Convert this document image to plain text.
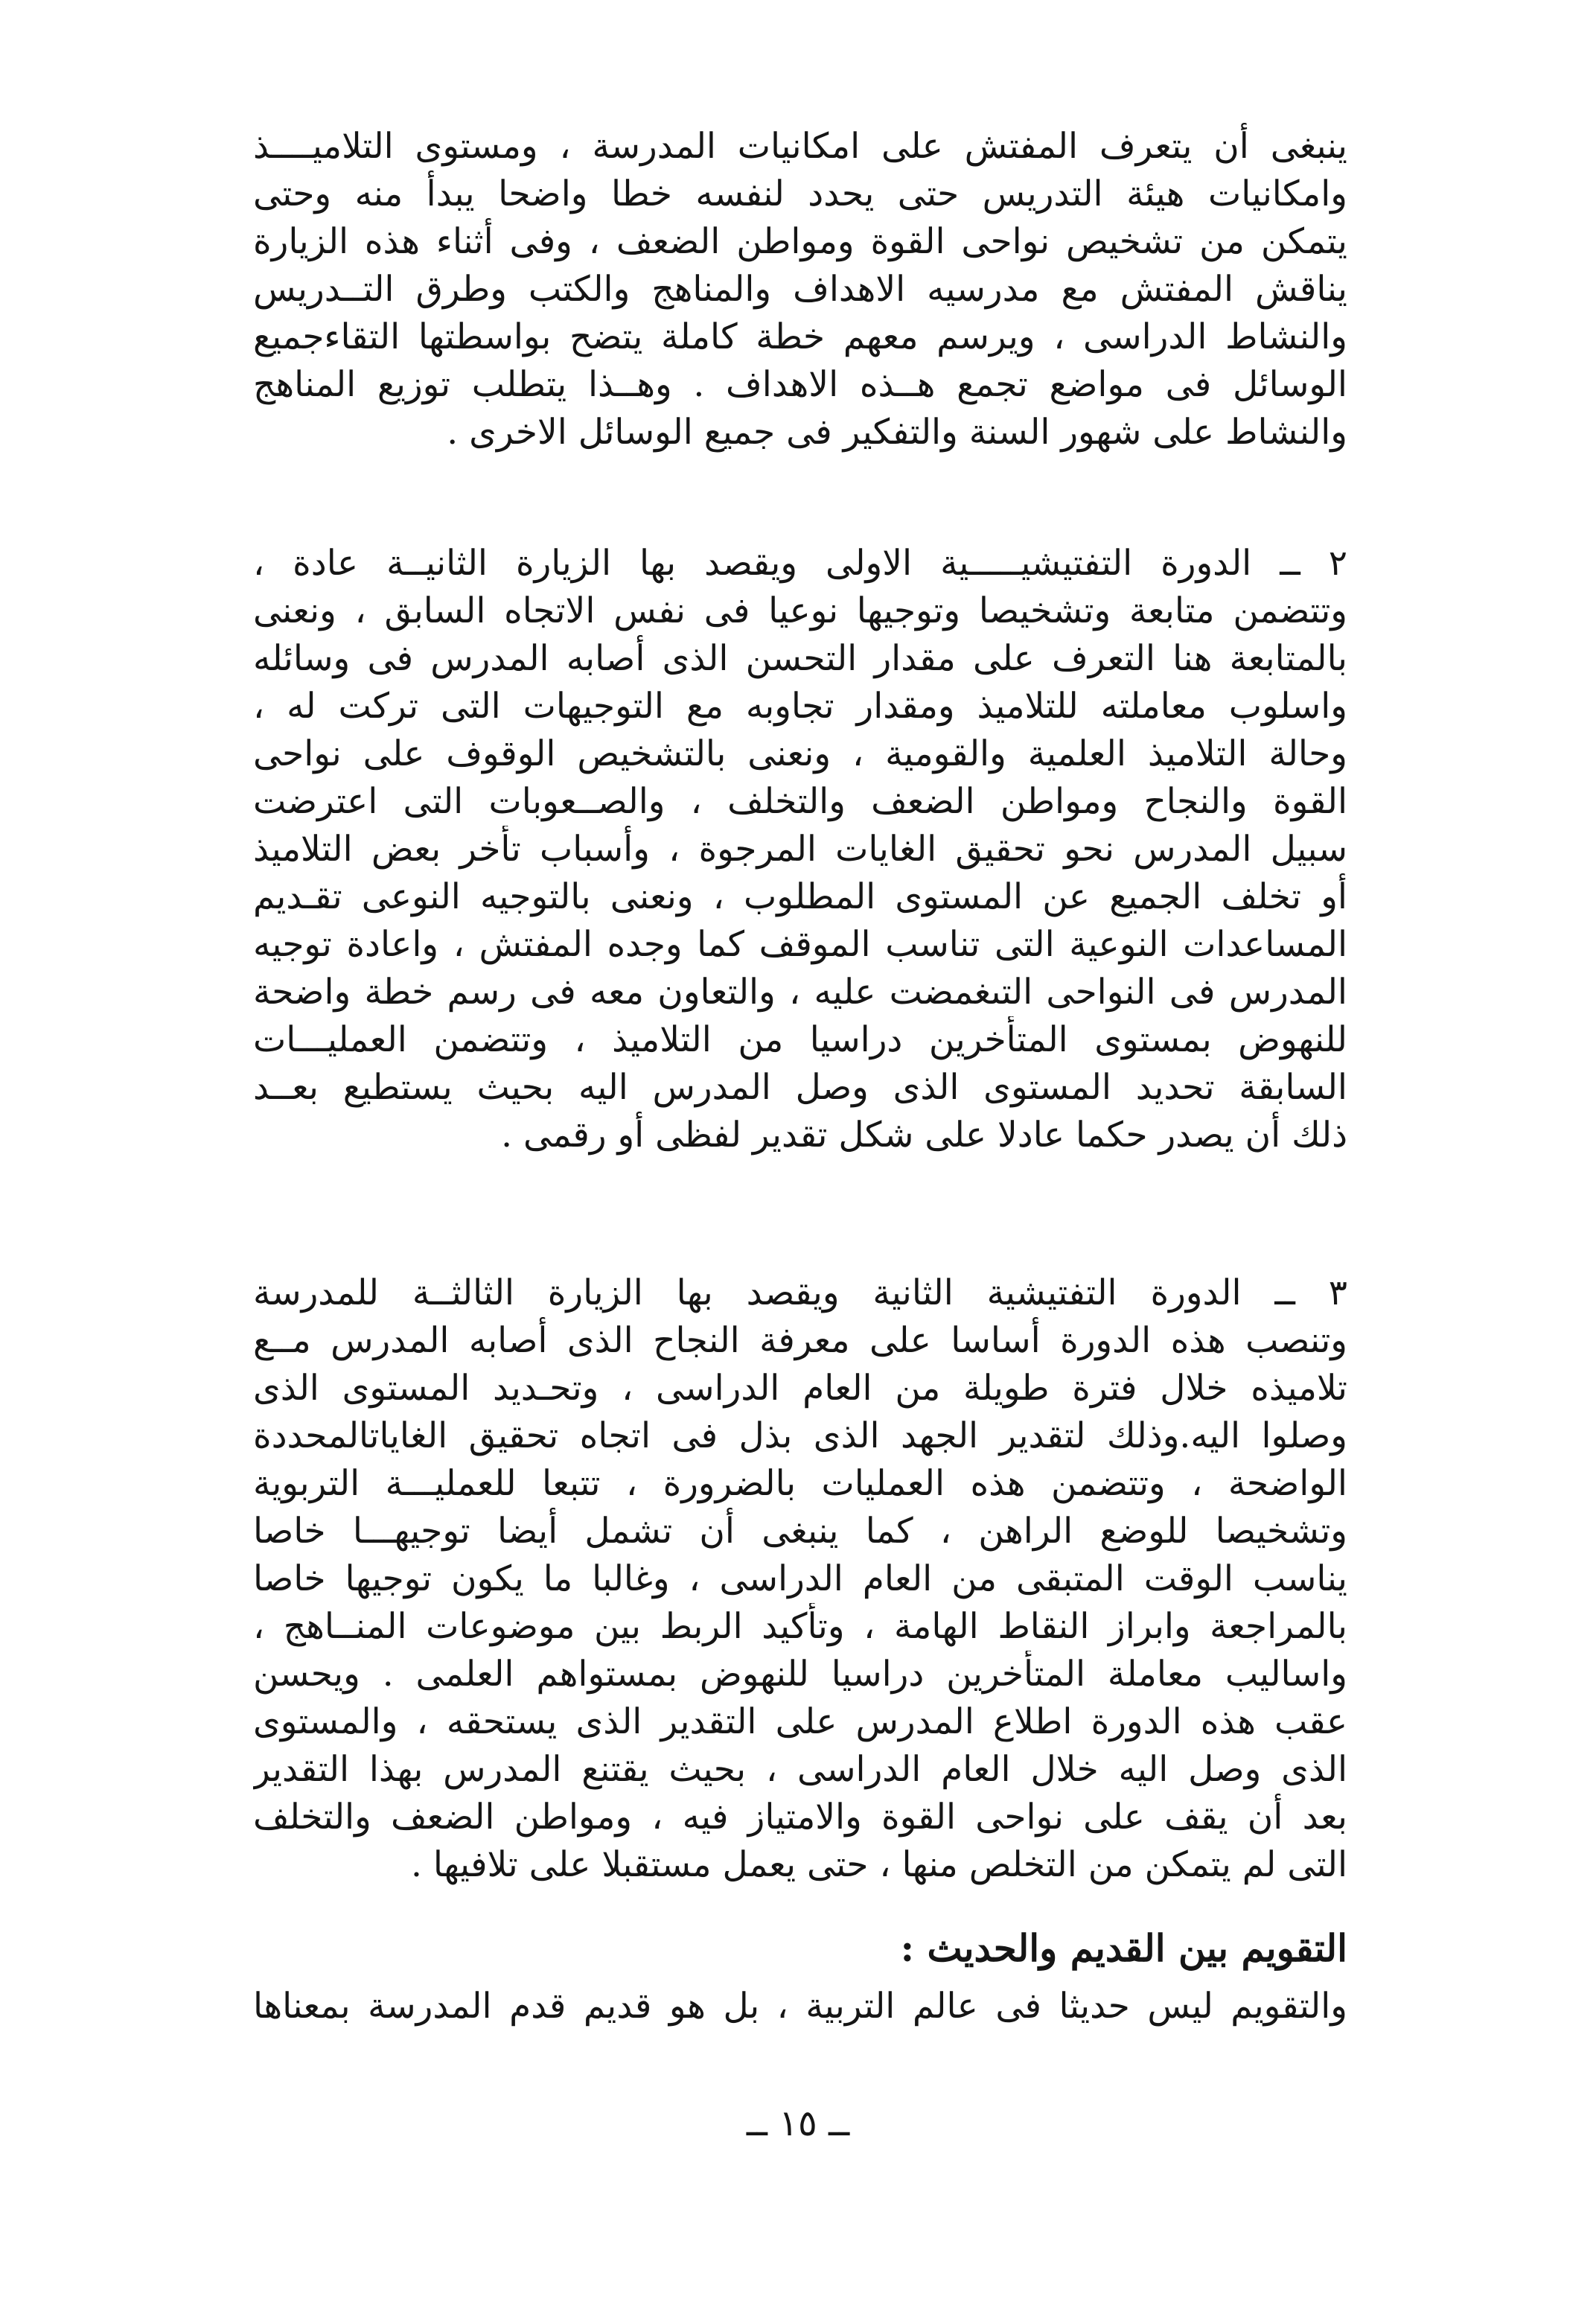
ينبغى أن يتعرف المفتش على امكانيات المدرسة ، ومستوى التلاميــــذ
وامكانيات هيئة التدريس حتى يحدد لنفسه خطا واضحا يبدأ منه وحتى
يتمكن من تشخيص نواحى القوة ومواطن الضعف ، وفى أثناء هذه الزيارة
يناقش المفتش مع مدرسيه الاهداف والمناهج والكتب وطرق التــدريس
والنشاط الدراسى ، ويرسم معهم خطة كاملة يتضح بواسطتها التقاءجميع
الوسائل فى مواضع تجمع هــذه الاهداف . وهــذا يتطلب توزيع المناهج
والنشاط على شهور السنة والتفكير فى جميع الوسائل الاخرى .
٢ ــ الدورة التفتيشيـــــية الاولى ويقصد بها الزيارة الثانيــة عادة ،
وتتضمن متابعة وتشخيصا وتوجيها نوعيا فى نفس الاتجاه السابق ، ونعنى
بالمتابعة هنا التعرف على مقدار التحسن الذى أصابه المدرس فى وسائله
واسلوب معاملته للتلاميذ ومقدار تجاوبه مع التوجيهات التى تركت له ،
وحالة التلاميذ العلمية والقومية ، ونعنى بالتشخيص الوقوف على نواحى
القوة والنجاح ومواطن الضعف والتخلف ، والصــعوبات التى اعترضت
سبيل المدرس نحو تحقيق الغايات المرجوة ، وأسباب تأخر بعض التلاميذ
أو تخلف الجميع عن المستوى المطلوب ، ونعنى بالتوجيه النوعى تقـديم
المساعدات النوعية التى تناسب الموقف كما وجده المفتش ، واعادة توجيه
المدرس فى النواحى التىغمضت عليه ، والتعاون معه فى رسم خطة واضحة
للنهوض بمستوى المتأخرين دراسيا من التلاميذ ، وتتضمن العمليـــات
السابقة تحديد المستوى الذى وصل المدرس اليه بحيث يستطيع بعــد
ذلك أن يصدر حكما عادلا على شكل تقدير لفظى أو رقمى .
٣ ــ الدورة التفتيشية الثانية ويقصد بها الزيارة الثالثــة للمدرسة
وتنصب هذه الدورة أساسا على معرفة النجاح الذى أصابه المدرس مــع
تلاميذه خلال فترة طويلة من العام الدراسى ، وتحـديد المستوى الذى
وصلوا اليه.وذلك لتقدير الجهد الذى بذل فى اتجاه تحقيق الغاياتالمحددة
الواضحة ، وتتضمن هذه العمليات بالضرورة ، تتبعا للعمليـــة التربوية
وتشخيصا للوضع الراهن ، كما ينبغى أن تشمل أيضا توجيهـــا خاصا
يناسب الوقت المتبقى من العام الدراسى ، وغالبا ما يكون توجيها خاصا
بالمراجعة وابراز النقاط الهامة ، وتأكيد الربط بين موضوعات المنــاهج ،
واساليب معاملة المتأخرين دراسيا للنهوض بمستواهم العلمى . ويحسن
عقب هذه الدورة اطلاع المدرس على التقدير الذى يستحقه ، والمستوى
الذى وصل اليه خلال العام الدراسى ، بحيث يقتنع المدرس بهذا التقدير
بعد أن يقف على نواحى القوة والامتياز فيه ، ومواطن الضعف والتخلف
التى لم يتمكن من التخلص منها ، حتى يعمل مستقبلا على تلافيها .
التقويم بين القديم والحديث :
والتقويم ليس حديثا فى عالم التربية ، بل هو قديم قدم المدرسة بمعناها
ــ ١٥ ــ
